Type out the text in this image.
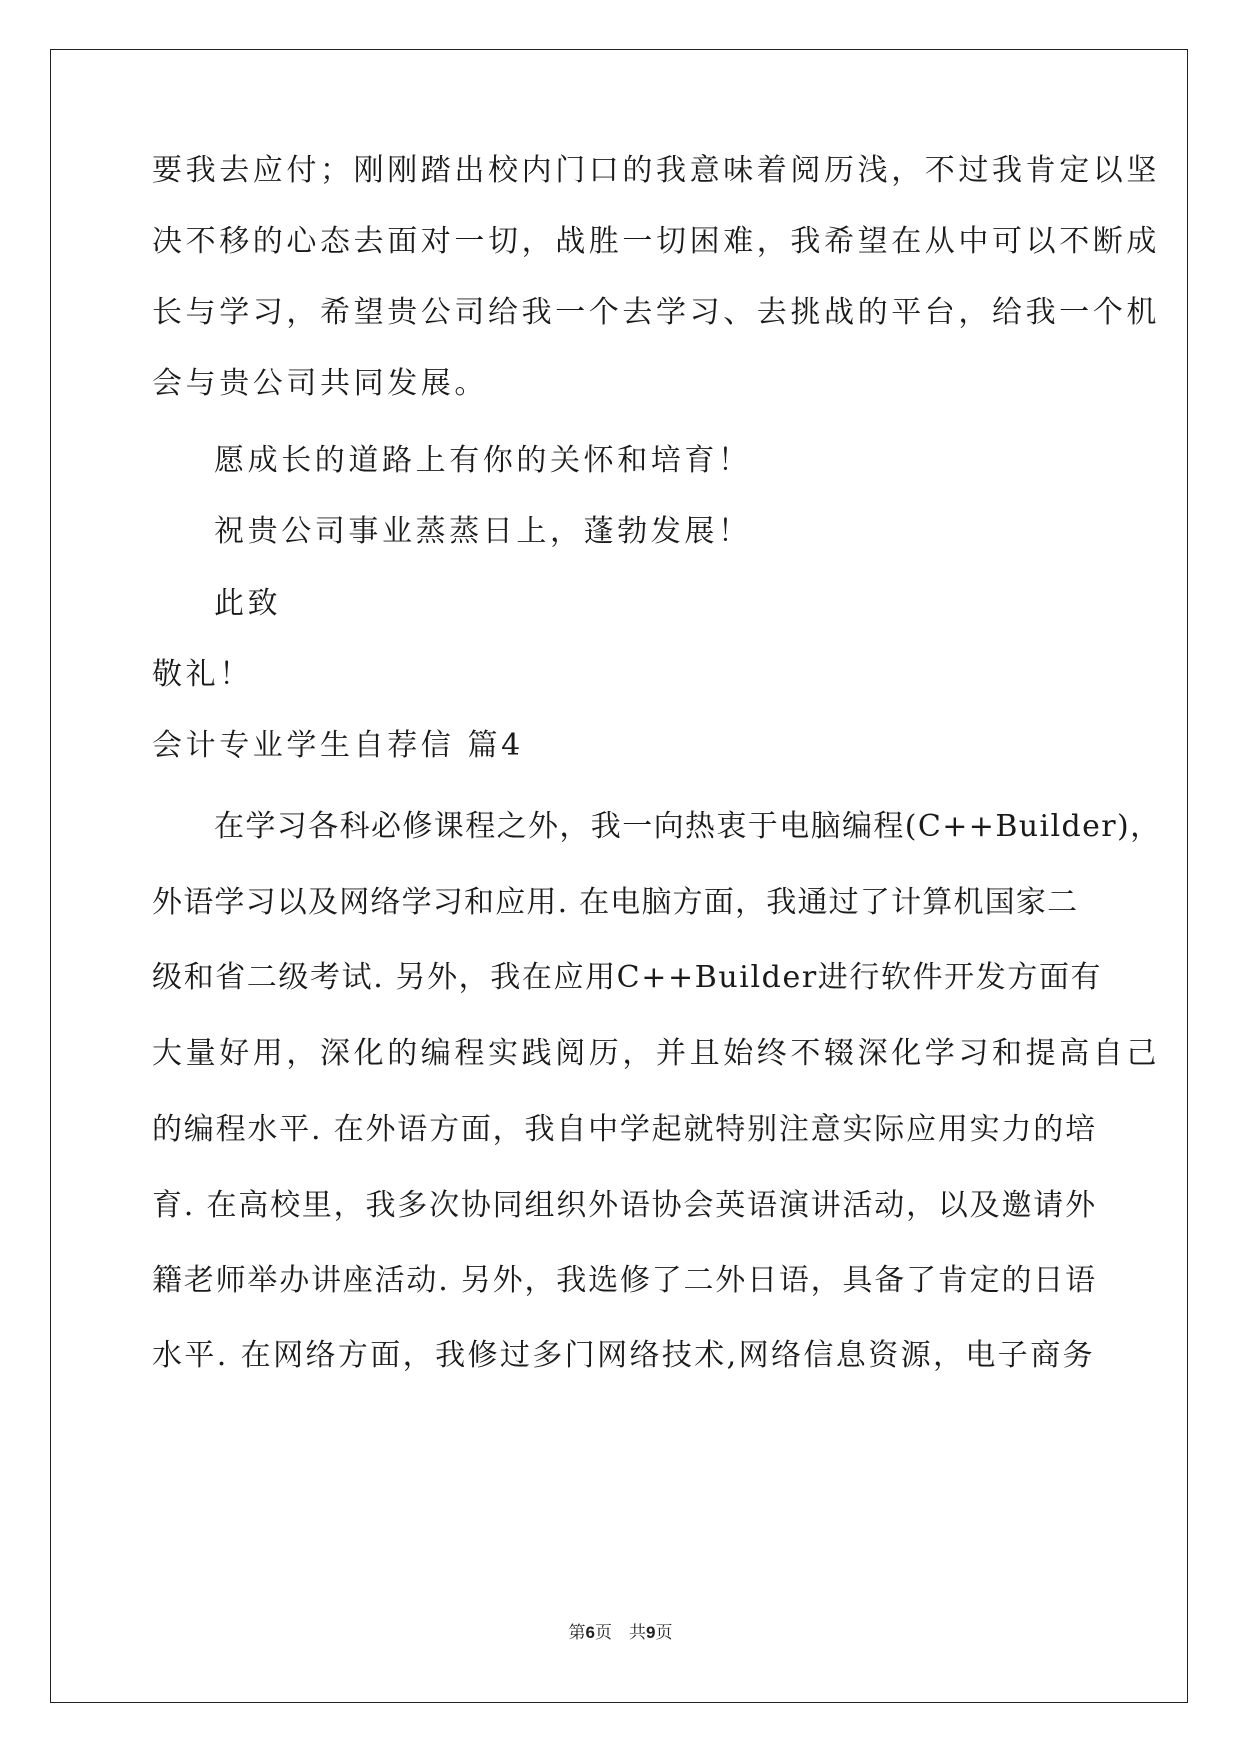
要我去应付；刚刚踏出校内门口的我意味着阅历浅，不过我肯定以坚
决不移的心态去面对一切，战胜一切困难，我希望在从中可以不断成
长与学习，希望贵公司给我一个去学习、去挑战的平台，给我一个机
会与贵公司共同发展。
愿成长的道路上有你的关怀和培育！
祝贵公司事业蒸蒸日上，蓬勃发展！
此致
敬礼！
会计专业学生自荐信 篇4
在学习各科必修课程之外，我一向热衷于电脑编程(C++Builder)，
外语学习以及网络学习和应用. 在电脑方面，我通过了计算机国家二
级和省二级考试. 另外，我在应用C++Builder进行软件开发方面有
大量好用，深化的编程实践阅历，并且始终不辍深化学习和提高自己
的编程水平. 在外语方面，我自中学起就特别注意实际应用实力的培
育. 在高校里，我多次协同组织外语协会英语演讲活动，以及邀请外
籍老师举办讲座活动. 另外，我选修了二外日语，具备了肯定的日语
水平. 在网络方面，我修过多门网络技术,网络信息资源，电子商务
第6页　共9页
